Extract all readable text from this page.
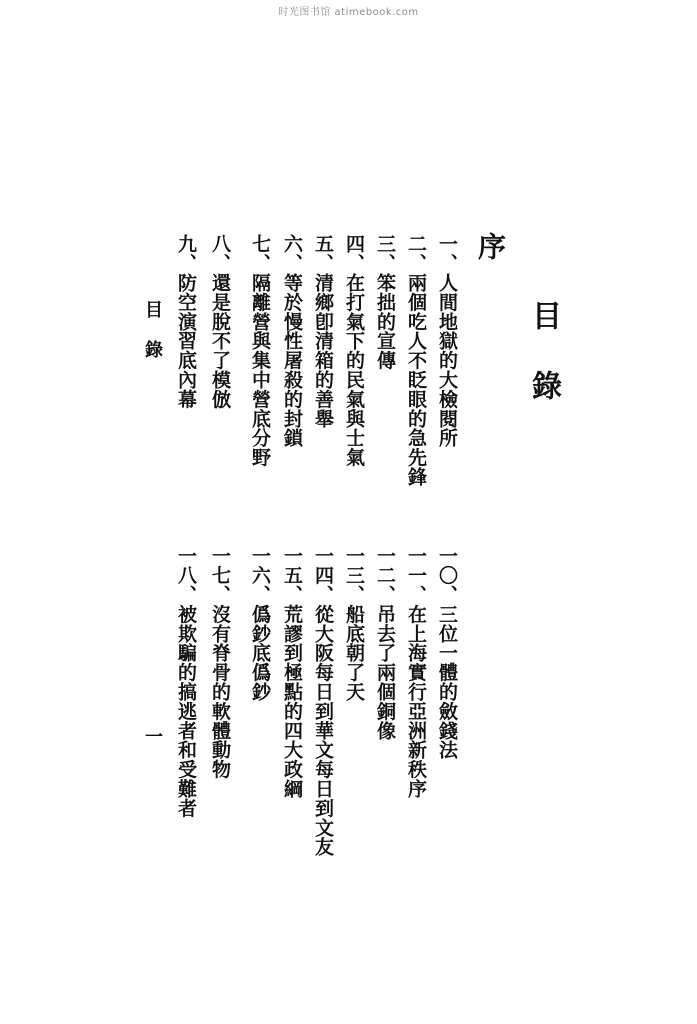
时光图书馆 atimebook.com
目錄
序
一、人間地獄的大檢閱所
二、兩個吃人不眨眼的急先鋒
三、笨拙的宣傳
四、在打氣下的民氣與士氣
五、清鄉卽清箱的善舉
六、等於慢性屠殺的封鎖
七、隔離營與集中營底分野
八、還是脫不了模倣
九、防空演習底內幕
一〇、三位一體的斂錢法
一一、在上海實行亞洲新秩序
一二、吊去了兩個銅像
一三、船底朝了天
一四、從大阪每日到華文每日到文友
一五、荒謬到極點的四大政綱
一六、僞鈔底僞鈔
一七、沒有脊骨的軟體動物
一八、被欺騙的搞逃者和受難者
目錄
一
